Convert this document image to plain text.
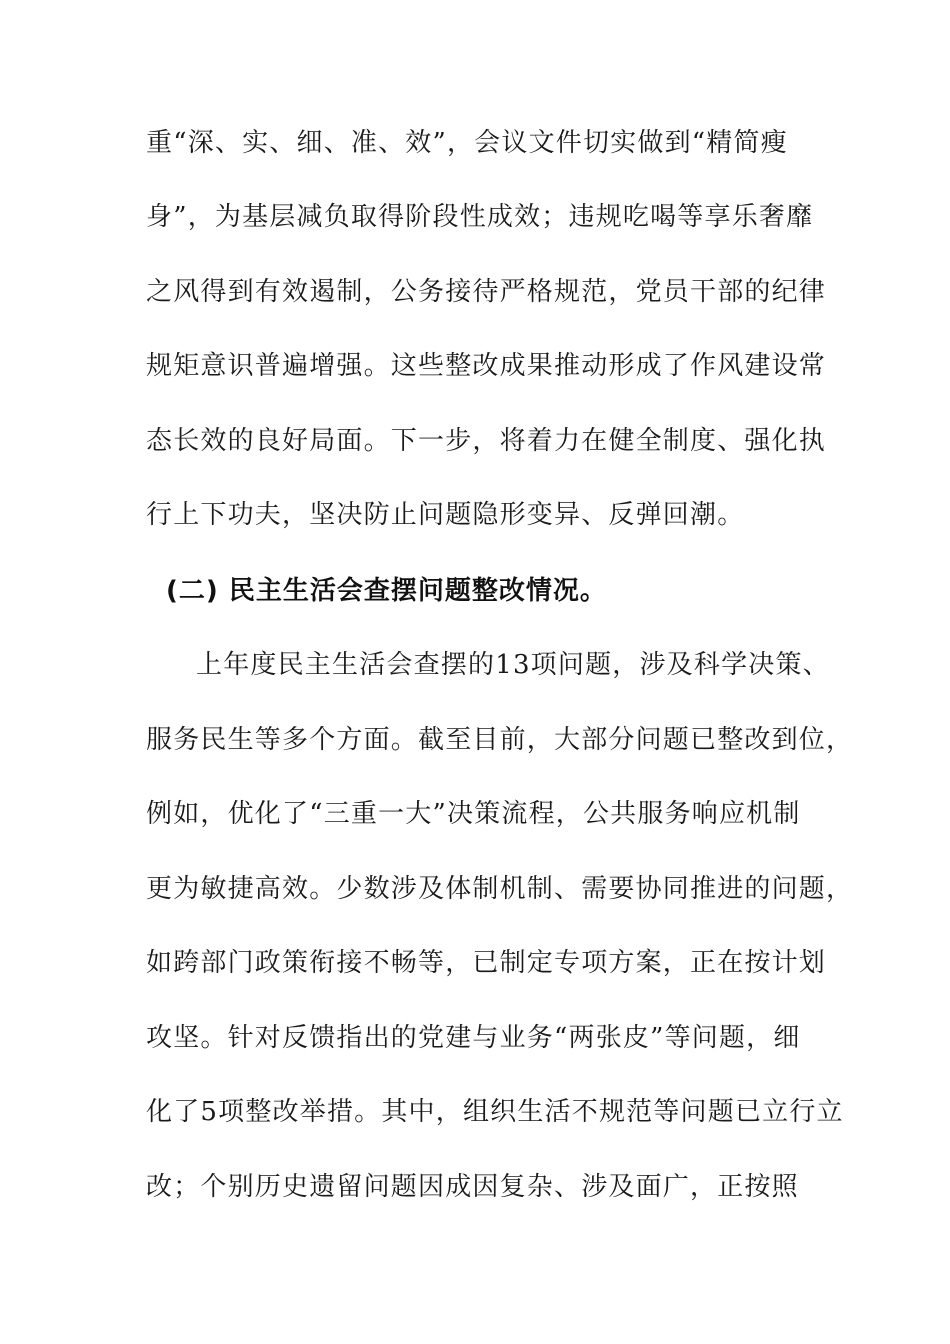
重“深、实、细、准、效”，会议文件切实做到“精简瘦
身”，为基层减负取得阶段性成效；违规吃喝等享乐奢靡
之风得到有效遏制，公务接待严格规范，党员干部的纪律
规矩意识普遍增强。这些整改成果推动形成了作风建设常
态长效的良好局面。下一步，将着力在健全制度、强化执
行上下功夫，坚决防止问题隐形变异、反弹回潮。
(二) 民主生活会查摆问题整改情况。
上年度民主生活会查摆的13项问题，涉及科学决策、
服务民生等多个方面。截至目前，大部分问题已整改到位，
例如，优化了“三重一大”决策流程，公共服务响应机制
更为敏捷高效。少数涉及体制机制、需要协同推进的问题，
如跨部门政策衔接不畅等，已制定专项方案，正在按计划
攻坚。针对反馈指出的党建与业务“两张皮”等问题，细
化了5项整改举措。其中，组织生活不规范等问题已立行立
改；个别历史遗留问题因成因复杂、涉及面广，正按照
